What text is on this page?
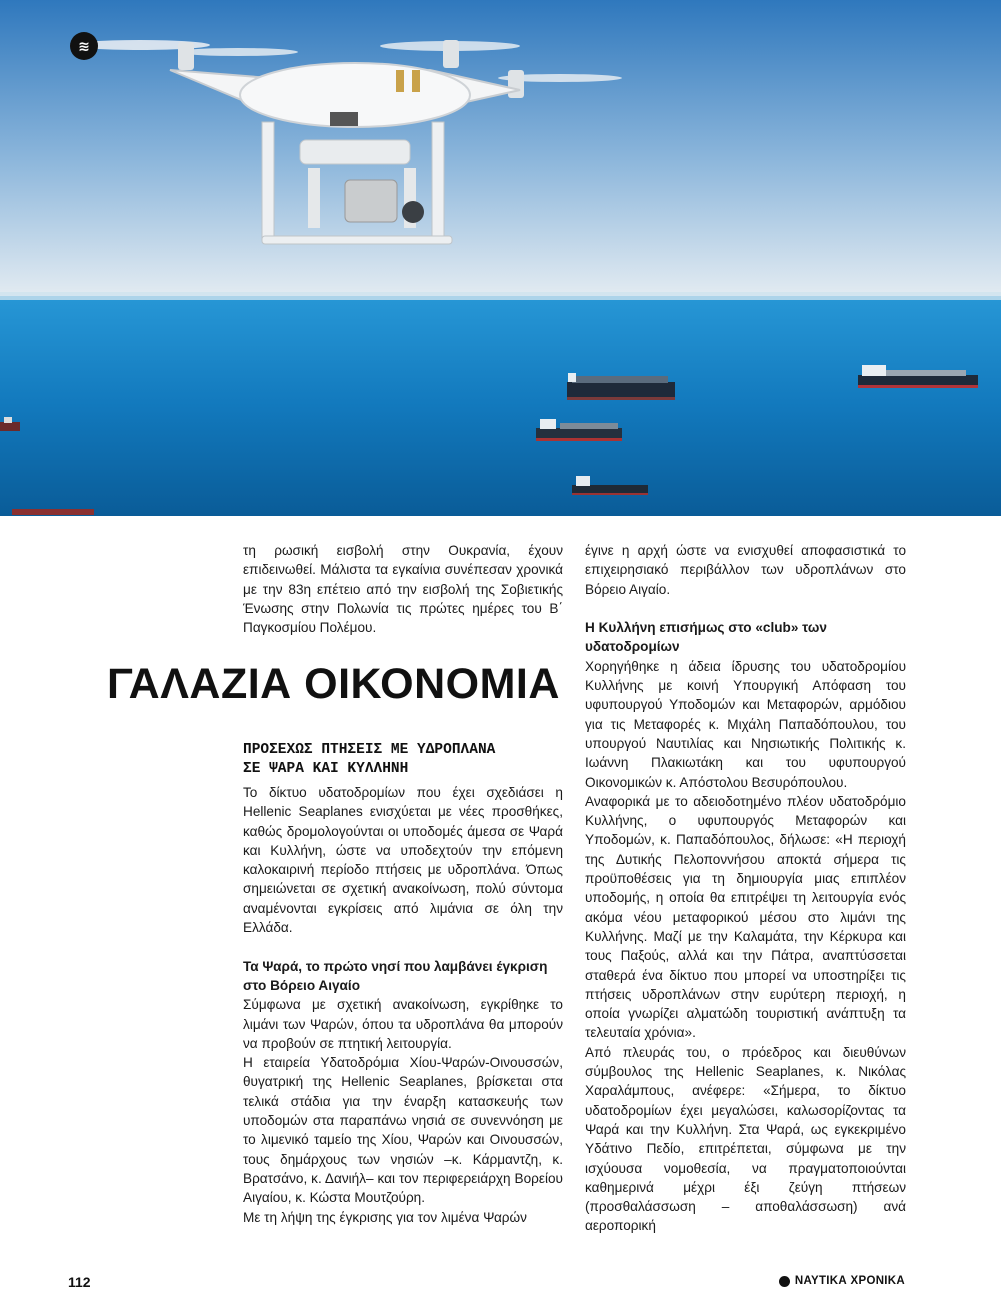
≋

τη ρωσική εισβολή στην Ουκρανία, έχουν επιδεινωθεί. Μάλιστα τα εγκαίνια συνέπεσαν χρονικά με την 83η επέτειο από την εισβολή της Σοβιετικής Ένωσης στην Πολωνία τις πρώτες ημέρες του Β΄ Παγκοσμίου Πολέμου.

ΓΑΛΑΖΙΑ ΟΙΚΟΝΟΜΙΑ
ΠΡΟΣΕΧΩΣ ΠΤΗΣΕΙΣ ΜΕ ΥΔΡΟΠΛΑΝΑ
ΣΕ ΨΑΡΑ ΚΑΙ ΚΥΛΛΗΝΗ

Το δίκτυο υδατοδρομίων που έχει σχεδιάσει η Hellenic Seaplanes ενισχύεται με νέες προσθήκες, καθώς δρομολογούνται οι υποδομές άμεσα σε Ψαρά και Κυλλήνη, ώστε να υποδεχτούν την επόμενη καλοκαιρινή περίοδο πτήσεις με υδροπλάνα. Όπως σημειώνεται σε σχετική ανακοίνωση, πολύ σύντομα αναμένονται εγκρίσεις από λιμάνια σε όλη την Ελλάδα.

Τα Ψαρά, το πρώτο νησί που λαμβάνει έγκριση στο Βόρειο Αιγαίο

Σύμφωνα με σχετική ανακοίνωση, εγκρίθηκε το λιμάνι των Ψαρών, όπου τα υδροπλάνα θα μπορούν να προβούν σε πτητική λειτουργία.

Η εταιρεία Υδατοδρόμια Χίου-Ψαρών-Οινουσσών, θυγατρική της Hellenic Seaplanes, βρίσκεται στα τελικά στάδια για την έναρξη κατασκευής των υποδομών στα παραπάνω νησιά σε συνεννόηση με το λιμενικό ταμείο της Χίου, Ψαρών και Οινουσσών, τους δημάρχους των νησιών –κ. Κάρμαντζη, κ. Βρατσάνο, κ. Δανιήλ– και τον περιφερειάρχη Βορείου Αιγαίου, κ. Κώστα Μουτζούρη.

Με τη λήψη της έγκρισης για τον λιμένα Ψαρών

έγινε η αρχή ώστε να ενισχυθεί αποφασιστικά το επιχειρησιακό περιβάλλον των υδροπλάνων στο Βόρειο Αιγαίο.

Η Κυλλήνη επισήμως στο «club» των υδατοδρομίων

Χορηγήθηκε η άδεια ίδρυσης του υδατοδρομίου Κυλλήνης με κοινή Υπουργική Απόφαση του υφυπουργού Υποδομών και Μεταφορών, αρμόδιου για τις Μεταφορές κ. Μιχάλη Παπαδόπουλου, του υπουργού Ναυτιλίας και Νησιωτικής Πολιτικής κ. Ιωάννη Πλακιωτάκη και του υφυπουργού Οικονομικών κ. Απόστολου Βεσυρόπουλου.

Αναφορικά με το αδειοδοτημένο πλέον υδατοδρόμιο Κυλλήνης, ο υφυπουργός Μεταφορών και Υποδομών, κ. Παπαδόπουλος, δήλωσε: «Η περιοχή της Δυτικής Πελοποννήσου αποκτά σήμερα τις προϋποθέσεις για τη δημιουργία μιας επιπλέον υποδομής, η οποία θα επιτρέψει τη λειτουργία ενός ακόμα νέου μεταφορικού μέσου στο λιμάνι της Κυλλήνης. Μαζί με την Καλαμάτα, την Κέρκυρα και τους Παξούς, αλλά και την Πάτρα, αναπτύσσεται σταθερά ένα δίκτυο που μπορεί να υποστηρίξει τις πτήσεις υδροπλάνων στην ευρύτερη περιοχή, η οποία γνωρίζει αλματώδη τουριστική ανάπτυξη τα τελευταία χρόνια».

Από πλευράς του, ο πρόεδρος και διευθύνων σύμβουλος της Hellenic Seaplanes, κ. Νικόλας Χαραλάμπους, ανέφερε: «Σήμερα, το δίκτυο υδατοδρομίων έχει μεγαλώσει, καλωσορίζοντας τα Ψαρά και την Κυλλήνη. Στα Ψαρά, ως εγκεκριμένο Υδάτινο Πεδίο, επιτρέπεται, σύμφωνα με την ισχύουσα νομοθεσία, να πραγματοποιούνται καθημερινά μέχρι έξι ζεύγη πτήσεων (προσθαλάσσωση – αποθαλάσσωση) ανά αεροπορική

112	ΝΑΥΤΙΚΑ ΧΡΟΝΙΚΑ
